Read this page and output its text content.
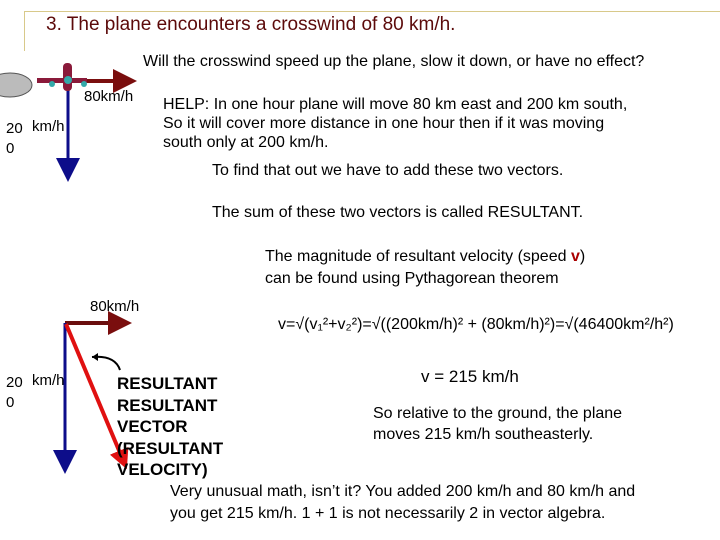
3. The plane encounters a crosswind of 80 km/h.
Will the crosswind speed up the plane, slow it down, or have no effect?
80km/h
20
0
km/h
HELP: In one hour plane will move 80 km east and 200 km south,
So it will cover more distance in one hour then if it was moving
south only at 200 km/h.
To find that out we have to add these two vectors.
The sum of these two vectors is called RESULTANT.
The magnitude of resultant velocity (speed v)
can be found using Pythagorean theorem
80km/h
20
0
km/h
v=√(v₁²+v₂²)=√((200km/h)² + (80km/h)²)=√(46400km²/h²)
RESULTANT
RESULTANT
VECTOR
(RESULTANT
VELOCITY)
v = 215 km/h
So relative to the ground, the plane
moves 215 km/h southeasterly.
Very unusual math, isn’t it? You added 200 km/h and 80 km/h and
you get 215 km/h. 1 + 1 is not necessarily 2 in vector algebra.
